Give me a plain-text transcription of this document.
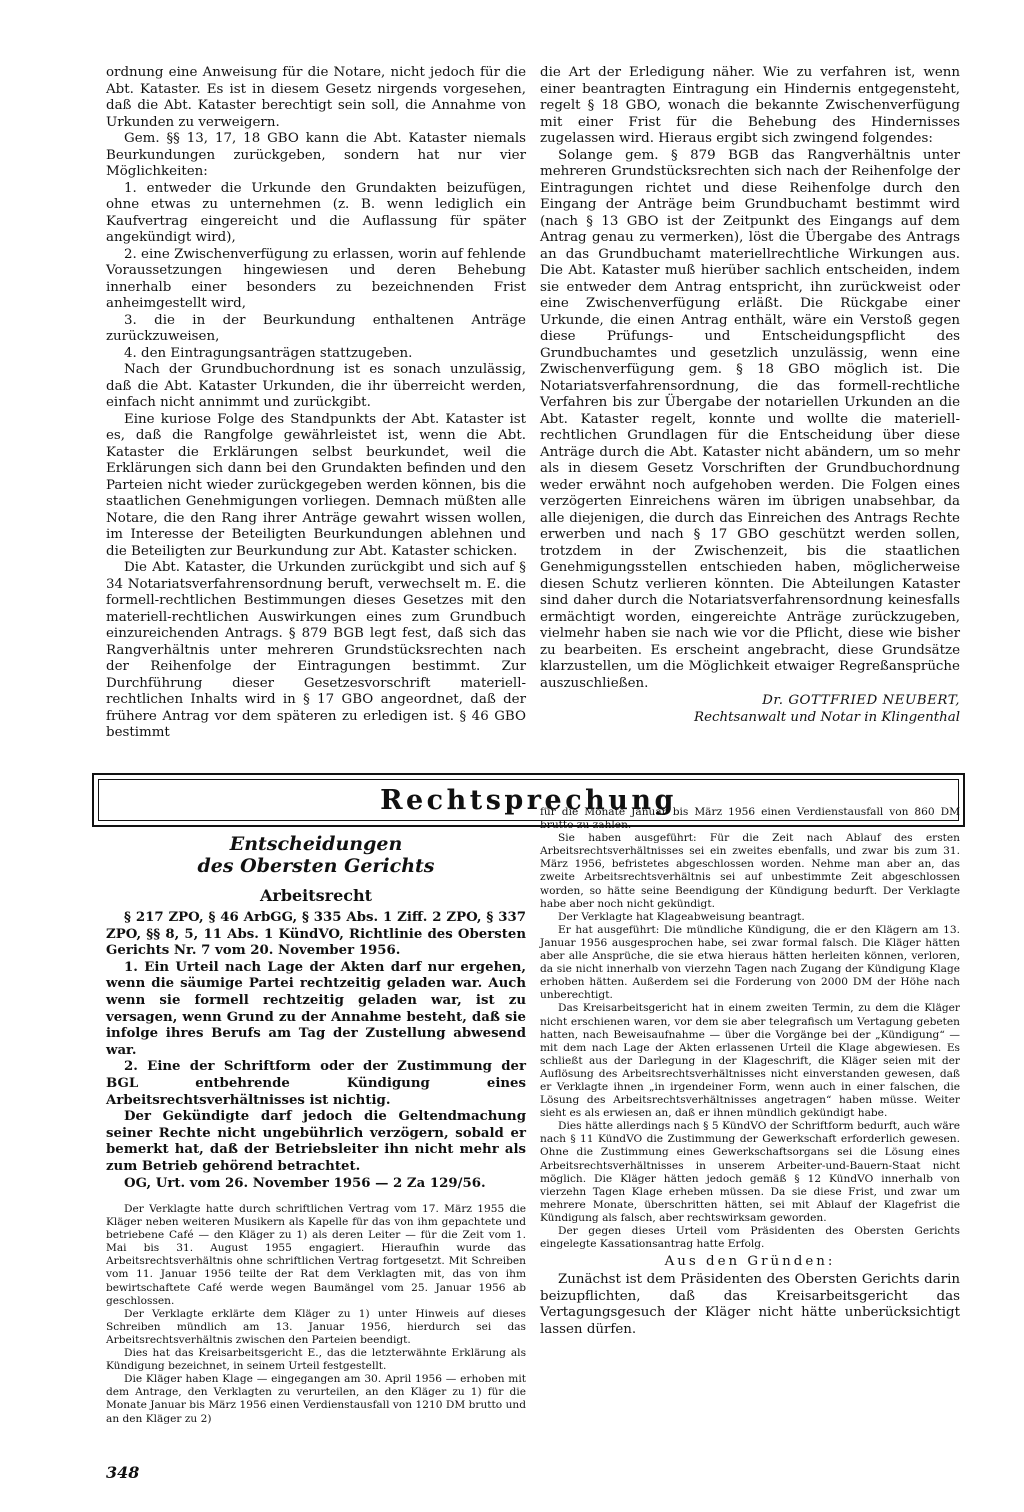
ordnung eine Anweisung für die Notare, nicht jedoch für die Abt. Kataster. Es ist in diesem Gesetz nirgends vorgesehen, daß die Abt. Kataster berechtigt sein soll, die Annahme von Urkunden zu verweigern.

Gem. §§ 13, 17, 18 GBO kann die Abt. Kataster niemals Beurkundungen zurückgeben, sondern hat nur vier Möglichkeiten:

1. entweder die Urkunde den Grundakten beizufügen, ohne etwas zu unternehmen (z. B. wenn lediglich ein Kaufvertrag eingereicht und die Auflassung für später angekündigt wird),

2. eine Zwischenverfügung zu erlassen, worin auf fehlende Voraussetzungen hingewiesen und deren Behebung innerhalb einer besonders zu bezeichnenden Frist anheimgestellt wird,

3. die in der Beurkundung enthaltenen Anträge zurückzuweisen,

4. den Eintragungsanträgen stattzugeben.

Nach der Grundbuchordnung ist es sonach unzulässig, daß die Abt. Kataster Urkunden, die ihr überreicht werden, einfach nicht annimmt und zurückgibt.

Eine kuriose Folge des Standpunkts der Abt. Kataster ist es, daß die Rangfolge gewährleistet ist, wenn die Abt. Kataster die Erklärungen selbst beurkundet, weil die Erklärungen sich dann bei den Grundakten befinden und den Parteien nicht wieder zurückgegeben werden können, bis die staatlichen Genehmigungen vorliegen. Demnach müßten alle Notare, die den Rang ihrer Anträge gewahrt wissen wollen, im Interesse der Beteiligten Beurkundungen ablehnen und die Beteiligten zur Beurkundung zur Abt. Kataster schicken.

Die Abt. Kataster, die Urkunden zurückgibt und sich auf § 34 Notariatsverfahrensordnung beruft, verwechselt m. E. die formell-rechtlichen Bestimmungen dieses Gesetzes mit den materiell-rechtlichen Auswirkungen eines zum Grundbuch einzureichenden Antrags. § 879 BGB legt fest, daß sich das Rangverhältnis unter mehreren Grundstücksrechten nach der Reihenfolge der Eintragungen bestimmt. Zur Durchführung dieser Gesetzesvorschrift materiell-rechtlichen Inhalts wird in § 17 GBO angeordnet, daß der frühere Antrag vor dem späteren zu erledigen ist. § 46 GBO bestimmt

die Art der Erledigung näher. Wie zu verfahren ist, wenn einer beantragten Eintragung ein Hindernis entgegensteht, regelt § 18 GBO, wonach die bekannte Zwischenverfügung mit einer Frist für die Behebung des Hindernisses zugelassen wird. Hieraus ergibt sich zwingend folgendes:

Solange gem. § 879 BGB das Rangverhältnis unter mehreren Grundstücksrechten sich nach der Reihenfolge der Eintragungen richtet und diese Reihenfolge durch den Eingang der Anträge beim Grundbuchamt bestimmt wird (nach § 13 GBO ist der Zeitpunkt des Eingangs auf dem Antrag genau zu vermerken), löst die Übergabe des Antrags an das Grundbuchamt materiellrechtliche Wirkungen aus. Die Abt. Kataster muß hierüber sachlich entscheiden, indem sie entweder dem Antrag entspricht, ihn zurückweist oder eine Zwischenverfügung erläßt. Die Rückgabe einer Urkunde, die einen Antrag enthält, wäre ein Verstoß gegen diese Prüfungs- und Entscheidungspflicht des Grundbuchamtes und gesetzlich unzulässig, wenn eine Zwischenverfügung gem. § 18 GBO möglich ist. Die Notariatsverfahrensordnung, die das formell-rechtliche Verfahren bis zur Übergabe der notariellen Urkunden an die Abt. Kataster regelt, konnte und wollte die materiell-rechtlichen Grundlagen für die Entscheidung über diese Anträge durch die Abt. Kataster nicht abändern, um so mehr als in diesem Gesetz Vorschriften der Grundbuchordnung weder erwähnt noch aufgehoben werden. Die Folgen eines verzögerten Einreichens wären im übrigen unabsehbar, da alle diejenigen, die durch das Einreichen des Antrags Rechte erwerben und nach § 17 GBO geschützt werden sollen, trotzdem in der Zwischenzeit, bis die staatlichen Genehmigungsstellen entschieden haben, möglicherweise diesen Schutz verlieren könnten. Die Abteilungen Kataster sind daher durch die Notariatsverfahrensordnung keinesfalls ermächtigt worden, eingereichte Anträge zurückzugeben, vielmehr haben sie nach wie vor die Pflicht, diese wie bisher zu bearbeiten. Es erscheint angebracht, diese Grundsätze klarzustellen, um die Möglichkeit etwaiger Regreßansprüche auszuschließen.

Dr. GOTTFRIED NEUBERT,
Rechtsanwalt und Notar in Klingenthal
Rechtsprechung
Entscheidungen
des Obersten Gerichts
Arbeitsrecht

§ 217 ZPO, § 46 ArbGG, § 335 Abs. 1 Ziff. 2 ZPO, § 337 ZPO, §§ 8, 5, 11 Abs. 1 KündVO, Richtlinie des Obersten Gerichts Nr. 7 vom 20. November 1956.

1. Ein Urteil nach Lage der Akten darf nur ergehen, wenn die säumige Partei rechtzeitig geladen war. Auch wenn sie formell rechtzeitig geladen war, ist zu versagen, wenn Grund zu der Annahme besteht, daß sie infolge ihres Berufs am Tag der Zustellung abwesend war.

2. Eine der Schriftform oder der Zustimmung der BGL entbehrende Kündigung eines Arbeitsrechtsverhältnisses ist nichtig.

Der Gekündigte darf jedoch die Geltendmachung seiner Rechte nicht ungebührlich verzögern, sobald er bemerkt hat, daß der Betriebsleiter ihn nicht mehr als zum Betrieb gehörend betrachtet.

OG, Urt. vom 26. November 1956 — 2 Za 129/56.

Der Verklagte hatte durch schriftlichen Vertrag vom 17. März 1955 die Kläger neben weiteren Musikern als Kapelle für das von ihm gepachtete und betriebene Café — den Kläger zu 1) als deren Leiter — für die Zeit vom 1. Mai bis 31. August 1955 engagiert. Hieraufhin wurde das Arbeitsrechtsverhältnis ohne schriftlichen Vertrag fortgesetzt. Mit Schreiben vom 11. Januar 1956 teilte der Rat dem Verklagten mit, das von ihm bewirtschaftete Café werde wegen Baumängel vom 25. Januar 1956 ab geschlossen.

Der Verklagte erklärte dem Kläger zu 1) unter Hinweis auf dieses Schreiben mündlich am 13. Januar 1956, hierdurch sei das Arbeitsrechtsverhältnis zwischen den Parteien beendigt.

Dies hat das Kreisarbeitsgericht E., das die letzterwähnte Erklärung als Kündigung bezeichnet, in seinem Urteil festgestellt.

Die Kläger haben Klage — eingegangen am 30. April 1956 — erhoben mit dem Antrage, den Verklagten zu verurteilen, an den Kläger zu 1) für die Monate Januar bis März 1956 einen Verdienstausfall von 1210 DM brutto und an den Kläger zu 2)

für die Monate Januar bis März 1956 einen Verdienstausfall von 860 DM brutto zu zahlen.

Sie haben ausgeführt: Für die Zeit nach Ablauf des ersten Arbeitsrechtsverhältnisses sei ein zweites ebenfalls, und zwar bis zum 31. März 1956, befristetes abgeschlossen worden. Nehme man aber an, das zweite Arbeitsrechtsverhältnis sei auf unbestimmte Zeit abgeschlossen worden, so hätte seine Beendigung der Kündigung bedurft. Der Verklagte habe aber noch nicht gekündigt.

Der Verklagte hat Klageabweisung beantragt.

Er hat ausgeführt: Die mündliche Kündigung, die er den Klägern am 13. Januar 1956 ausgesprochen habe, sei zwar formal falsch. Die Kläger hätten aber alle Ansprüche, die sie etwa hieraus hätten herleiten können, verloren, da sie nicht innerhalb von vierzehn Tagen nach Zugang der Kündigung Klage erhoben hätten. Außerdem sei die Forderung von 2000 DM der Höhe nach unberechtigt.

Das Kreisarbeitsgericht hat in einem zweiten Termin, zu dem die Kläger nicht erschienen waren, vor dem sie aber telegrafisch um Vertagung gebeten hatten, nach Beweisaufnahme — über die Vorgänge bei der „Kündigung“ — mit dem nach Lage der Akten erlassenen Urteil die Klage abgewiesen. Es schließt aus der Darlegung in der Klageschrift, die Kläger seien mit der Auflösung des Arbeitsrechtsverhältnisses nicht einverstanden gewesen, daß er Verklagte ihnen „in irgendeiner Form, wenn auch in einer falschen, die Lösung des Arbeitsrechtsverhältnisses angetragen“ haben müsse. Weiter sieht es als erwiesen an, daß er ihnen mündlich gekündigt habe.

Dies hätte allerdings nach § 5 KündVO der Schriftform bedurft, auch wäre nach § 11 KündVO die Zustimmung der Gewerkschaft erforderlich gewesen. Ohne die Zustimmung eines Gewerkschaftsorgans sei die Lösung eines Arbeitsrechtsverhältnisses in unserem Arbeiter-und-Bauern-Staat nicht möglich. Die Kläger hätten jedoch gemäß § 12 KündVO innerhalb von vierzehn Tagen Klage erheben müssen. Da sie diese Frist, und zwar um mehrere Monate, überschritten hätten, sei mit Ablauf der Klagefrist die Kündigung als falsch, aber rechtswirksam geworden.

Der gegen dieses Urteil vom Präsidenten des Obersten Gerichts eingelegte Kassationsantrag hatte Erfolg.

Aus den Gründen:

Zunächst ist dem Präsidenten des Obersten Gerichts darin beizupflichten, daß das Kreisarbeitsgericht das Vertagungsgesuch der Kläger nicht hätte unberücksichtigt lassen dürfen.

348
